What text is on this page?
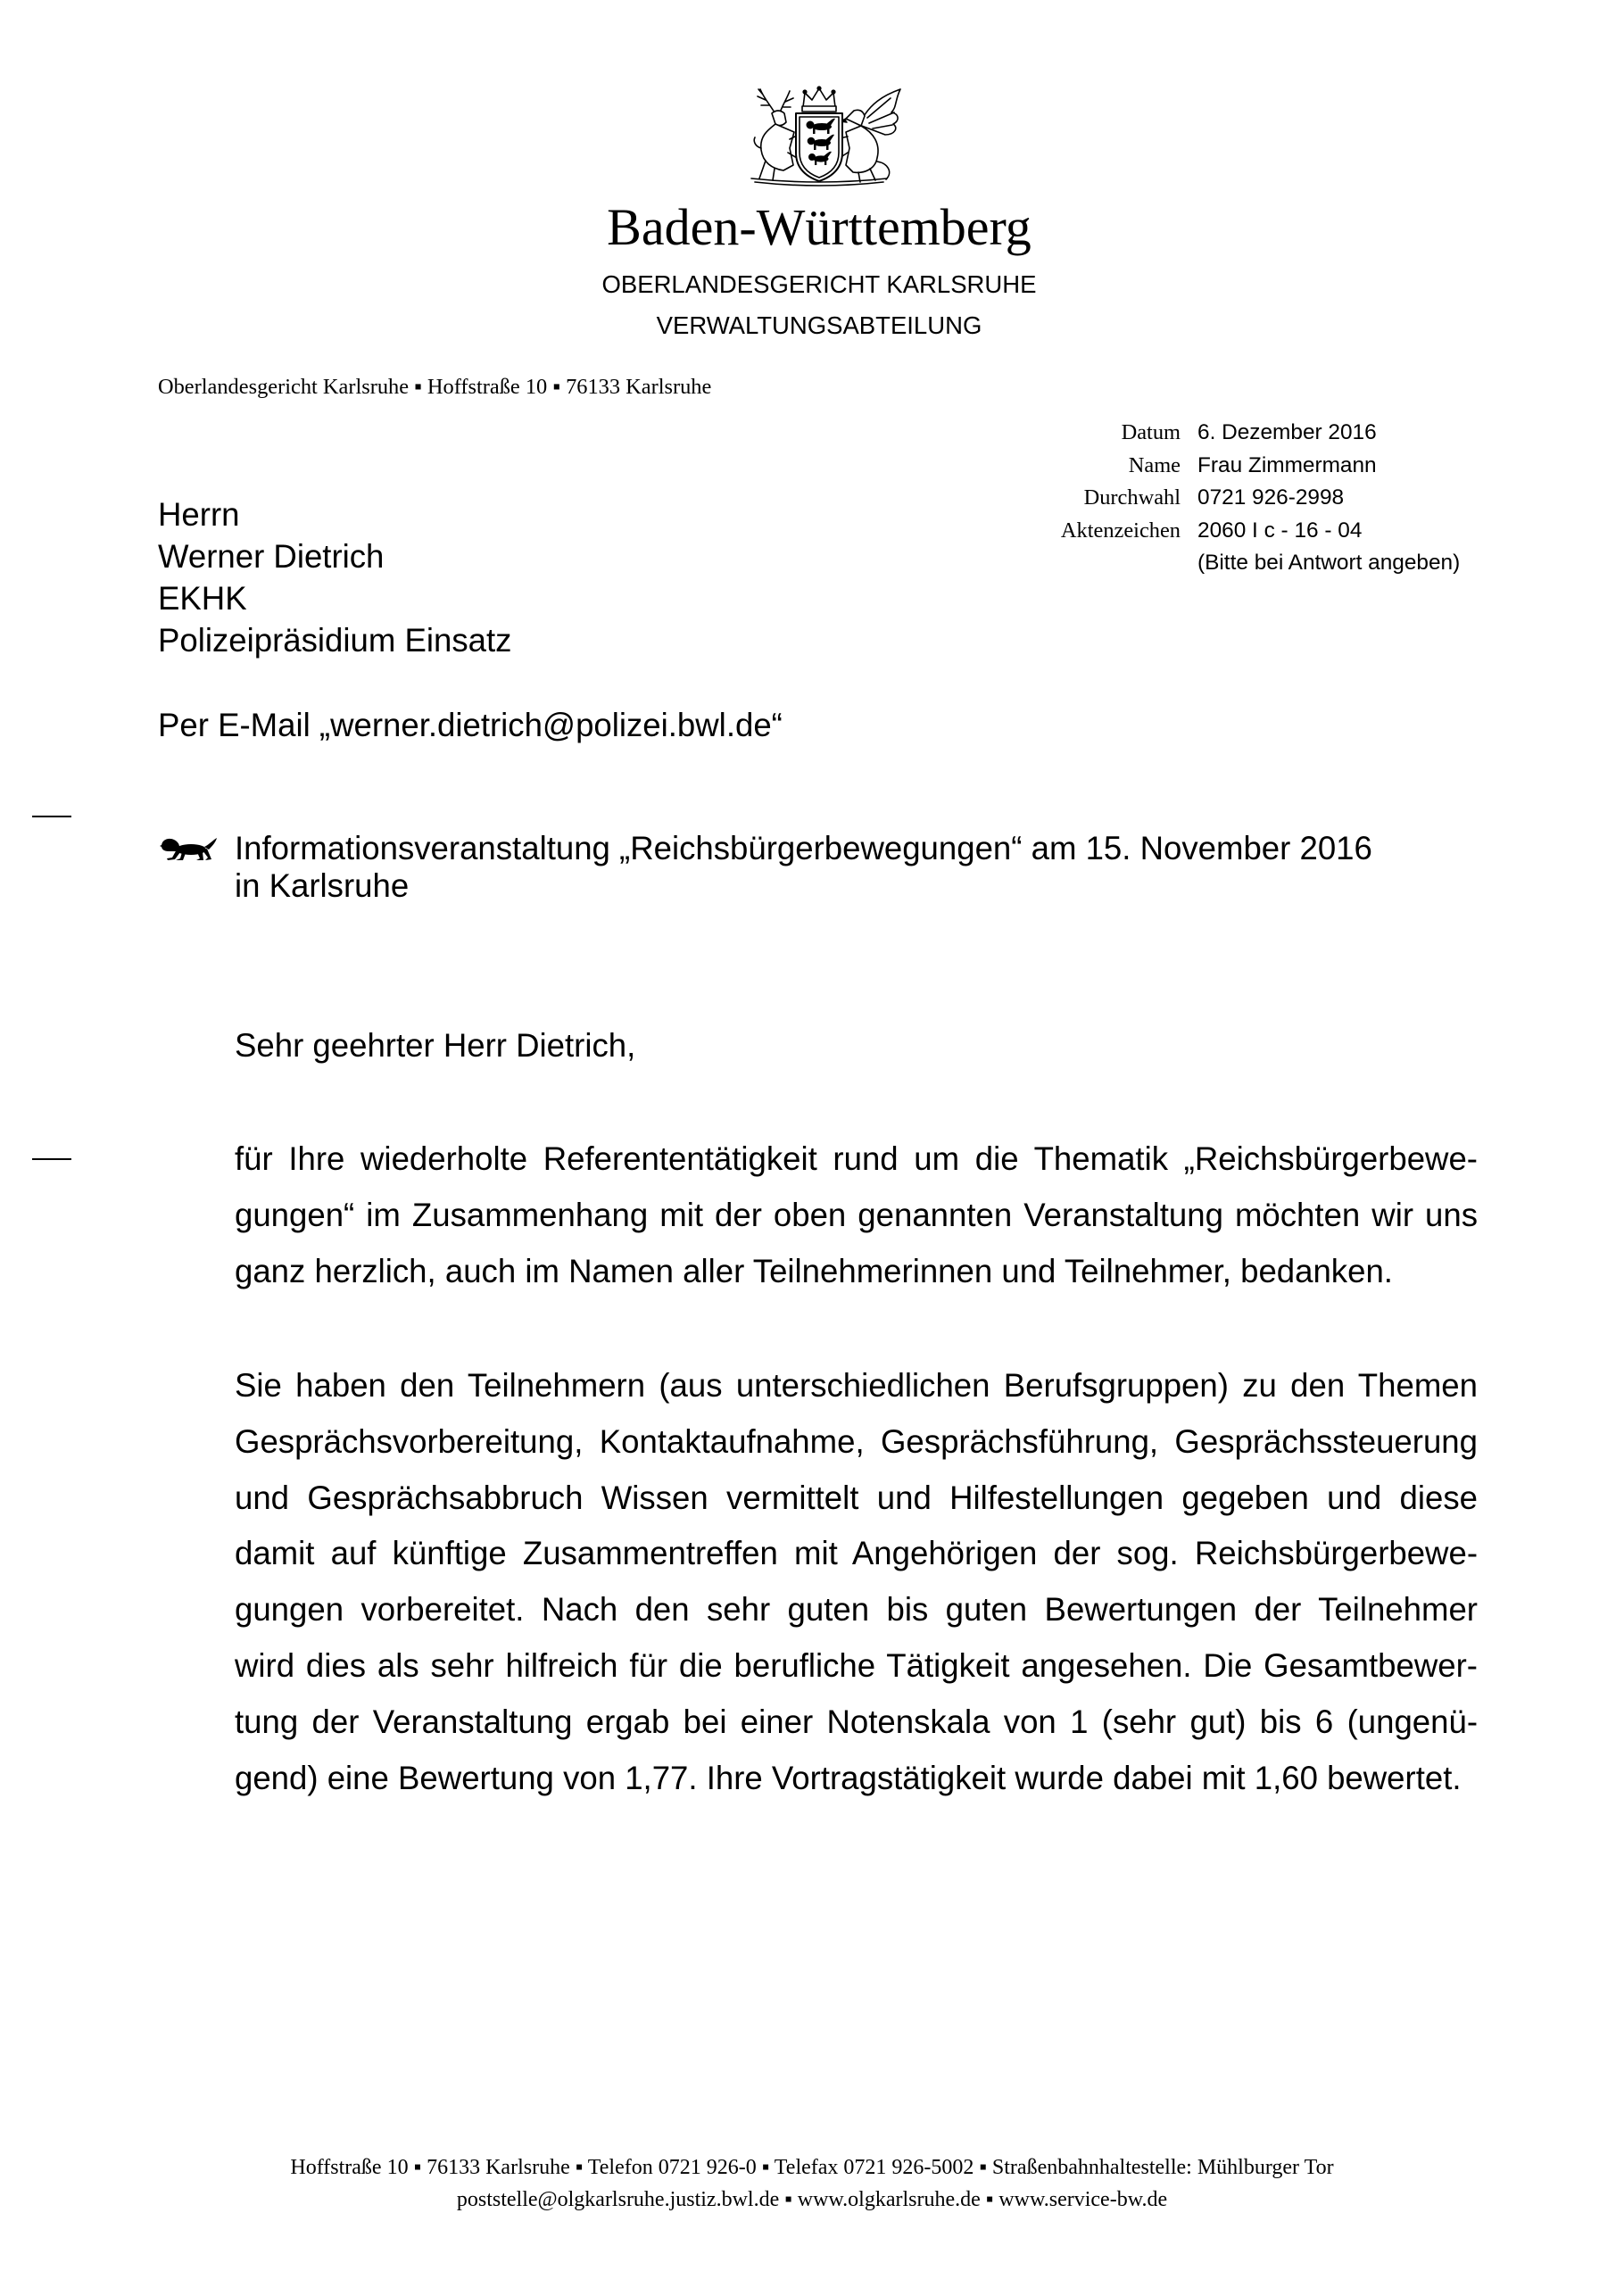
Baden-Württemberg
OBERLANDESGERICHT KARLSRUHE
VERWALTUNGSABTEILUNG
Oberlandesgericht Karlsruhe ▪ Hoffstraße 10 ▪ 76133 Karlsruhe
Datum 6. Dezember 2016
Name Frau Zimmermann
Durchwahl 0721 926-2998
Aktenzeichen 2060 I c - 16 - 04
(Bitte bei Antwort angeben)
Herrn
Werner Dietrich
EKHK
Polizeipräsidium Einsatz
Per E-Mail „werner.dietrich@polizei.bwl.de“
Informationsveranstaltung „Reichsbürgerbewegungen“ am 15. November 2016
in Karlsruhe
Sehr geehrter Herr Dietrich,
für Ihre wiederholte Referententätigkeit rund um die Thematik „Reichsbürgerbewe-
gungen“ im Zusammenhang mit der oben genannten Veranstaltung möchten wir uns
ganz herzlich, auch im Namen aller Teilnehmerinnen und Teilnehmer, bedanken.
Sie haben den Teilnehmern (aus unterschiedlichen Berufsgruppen) zu den Themen
Gesprächsvorbereitung, Kontaktaufnahme, Gesprächsführung, Gesprächssteuerung
und Gesprächsabbruch Wissen vermittelt und Hilfestellungen gegeben und diese
damit auf künftige Zusammentreffen mit Angehörigen der sog. Reichsbürgerbewe-
gungen vorbereitet. Nach den sehr guten bis guten Bewertungen der Teilnehmer
wird dies als sehr hilfreich für die berufliche Tätigkeit angesehen. Die Gesamtbewer-
tung der Veranstaltung ergab bei einer Notenskala von 1 (sehr gut) bis 6 (ungenü-
gend) eine Bewertung von 1,77. Ihre Vortragstätigkeit wurde dabei mit 1,60 bewertet.
Hoffstraße 10 ▪ 76133 Karlsruhe ▪ Telefon 0721 926-0 ▪ Telefax 0721 926-5002 ▪ Straßenbahnhaltestelle: Mühlburger Tor
poststelle@olgkarlsruhe.justiz.bwl.de ▪ www.olgkarlsruhe.de ▪ www.service-bw.de
